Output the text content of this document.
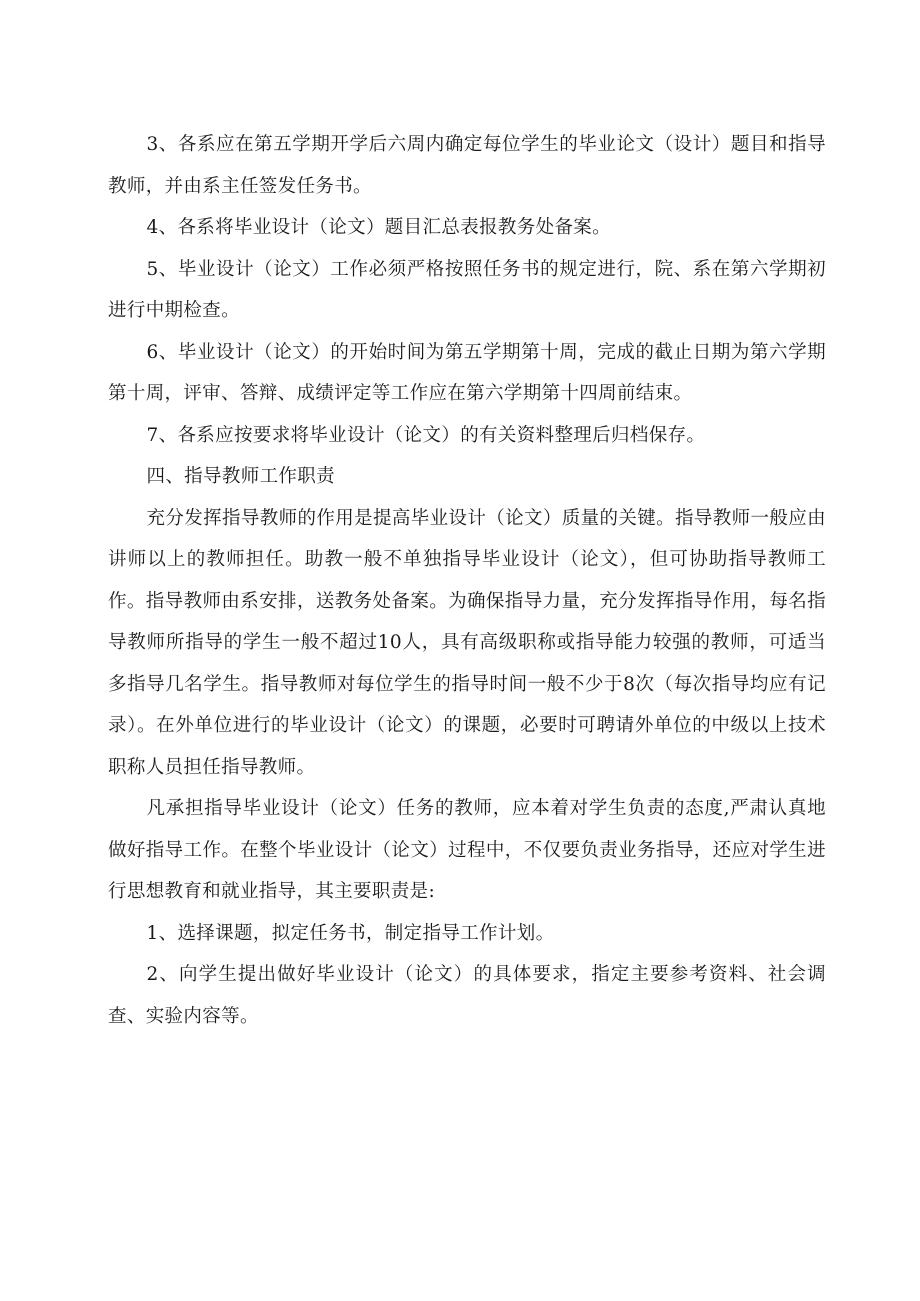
3、各系应在第五学期开学后六周内确定每位学生的毕业论文（设计）题目和指导教师，并由系主任签发任务书。

4、各系将毕业设计（论文）题目汇总表报教务处备案。

5、毕业设计（论文）工作必须严格按照任务书的规定进行，院、系在第六学期初进行中期检查。

6、毕业设计（论文）的开始时间为第五学期第十周，完成的截止日期为第六学期第十周，评审、答辩、成绩评定等工作应在第六学期第十四周前结束。

7、各系应按要求将毕业设计（论文）的有关资料整理后归档保存。

四、指导教师工作职责

充分发挥指导教师的作用是提高毕业设计（论文）质量的关键。指导教师一般应由讲师以上的教师担任。助教一般不单独指导毕业设计（论文），但可协助指导教师工作。指导教师由系安排，送教务处备案。为确保指导力量，充分发挥指导作用，每名指导教师所指导的学生一般不超过10人，具有高级职称或指导能力较强的教师，可适当多指导几名学生。指导教师对每位学生的指导时间一般不少于8次（每次指导均应有记录）。在外单位进行的毕业设计（论文）的课题，必要时可聘请外单位的中级以上技术职称人员担任指导教师。

凡承担指导毕业设计（论文）任务的教师，应本着对学生负责的态度,严肃认真地做好指导工作。在整个毕业设计（论文）过程中，不仅要负责业务指导，还应对学生进行思想教育和就业指导，其主要职责是:

1、选择课题，拟定任务书，制定指导工作计划。

2、向学生提出做好毕业设计（论文）的具体要求，指定主要参考资料、社会调查、实验内容等。
